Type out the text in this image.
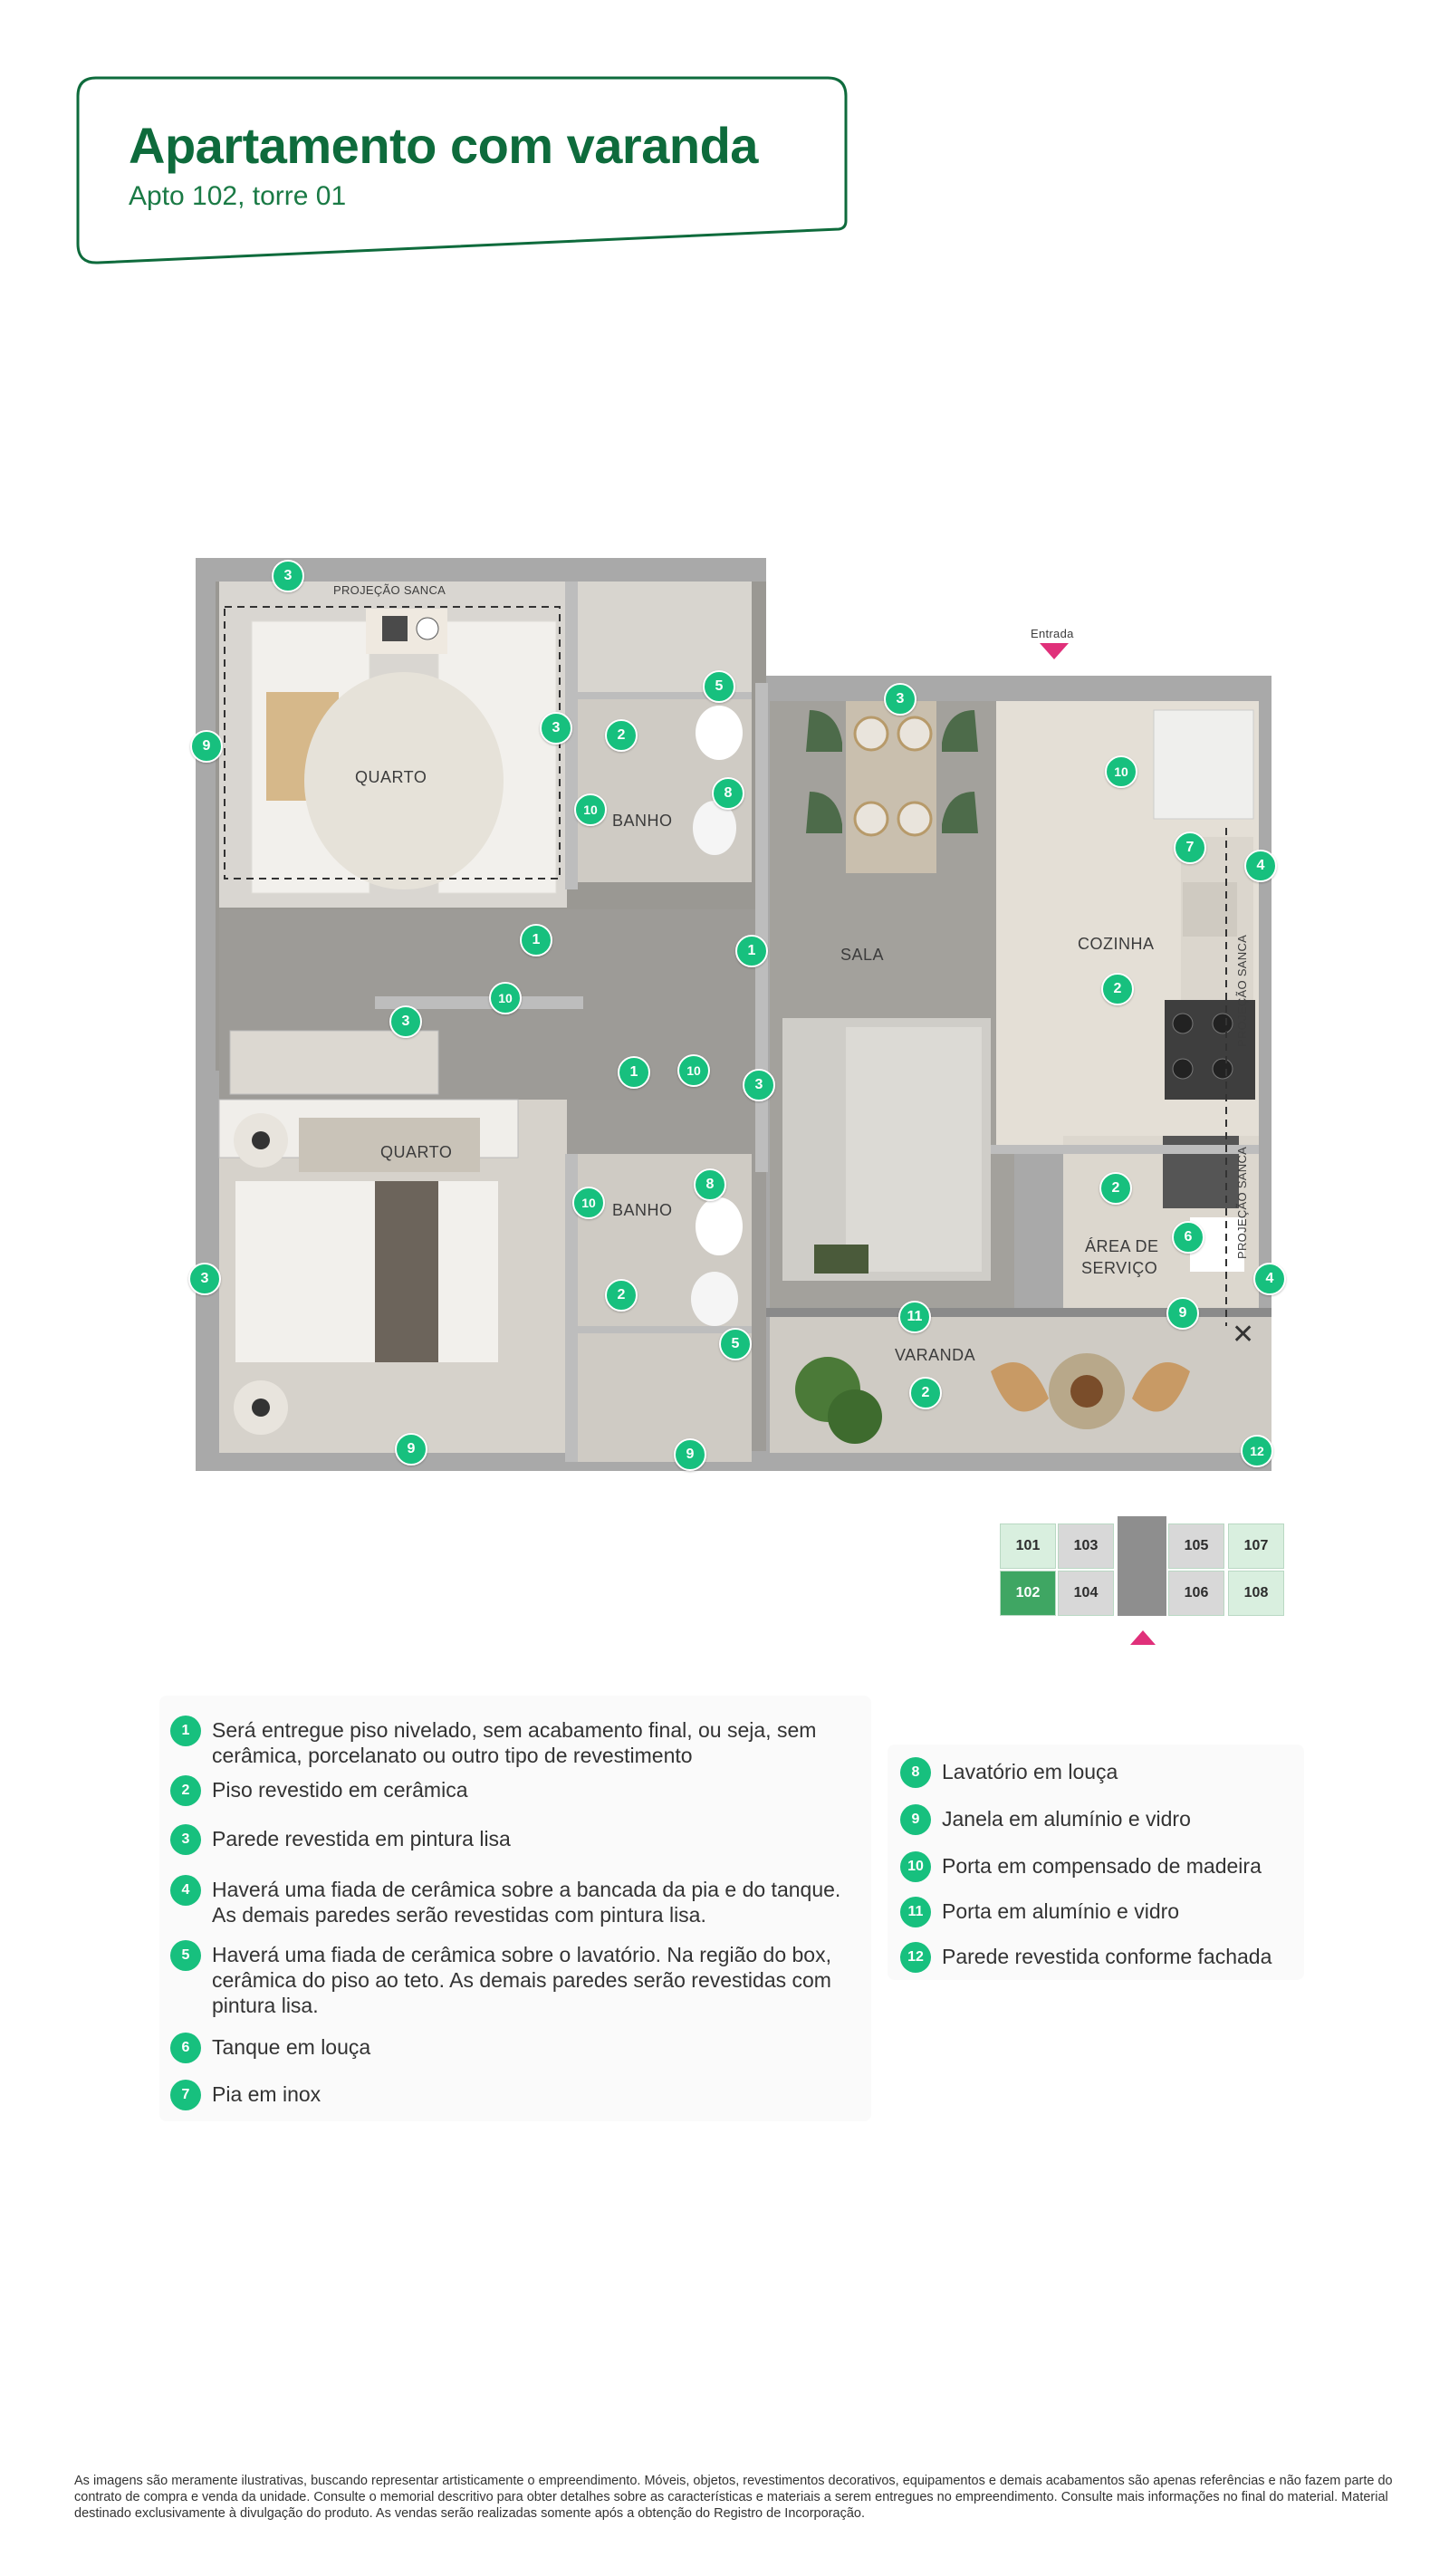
Apartamento com varanda
Apto 102, torre 01
QUARTO
BANHO
SALA
COZINHA
QUARTO
BANHO
ÁREA DE
SERVIÇO
VARANDA
PROJEÇÃO SANCA
PROJEÇÃO SANCA
PROJEÇÃO SANCA
Entrada
✕
3
9
3
5
2
8
10
3
10
7
4
1
1
2
10
3
1	10
3
8
10
2
6
3
2
4
9
11
5
2
9	9	12
101	103	105	107
102	104	106	108
1	Será entregue piso nivelado, sem acabamento final, ou seja, sem cerâmica, porcelanato ou outro tipo de revestimento
2	Piso revestido em cerâmica
3	Parede revestida em pintura lisa
4	Haverá uma fiada de cerâmica sobre a bancada da pia e do tanque. As demais paredes serão revestidas com pintura lisa.
5	Haverá uma fiada de cerâmica sobre o lavatório. Na região do box, cerâmica do piso ao teto. As demais paredes serão revestidas com pintura lisa.
6	Tanque em louça
7	Pia em inox
8	Lavatório em louça
9	Janela em alumínio e vidro
10 Porta em compensado de madeira
11 Porta em alumínio e vidro
12 Parede revestida conforme fachada
As imagens são meramente ilustrativas, buscando representar artisticamente o empreendimento. Móveis, objetos, revestimentos decorativos, equipamentos e demais acabamentos são apenas referências e não fazem parte do contrato de compra e venda da unidade. Consulte o memorial descritivo para obter detalhes sobre as características e materiais a serem entregues no empreendimento. Consulte mais informações no final do material. Material destinado exclusivamente à divulgação do produto. As vendas serão realizadas somente após a obtenção do Registro de Incorporação.
